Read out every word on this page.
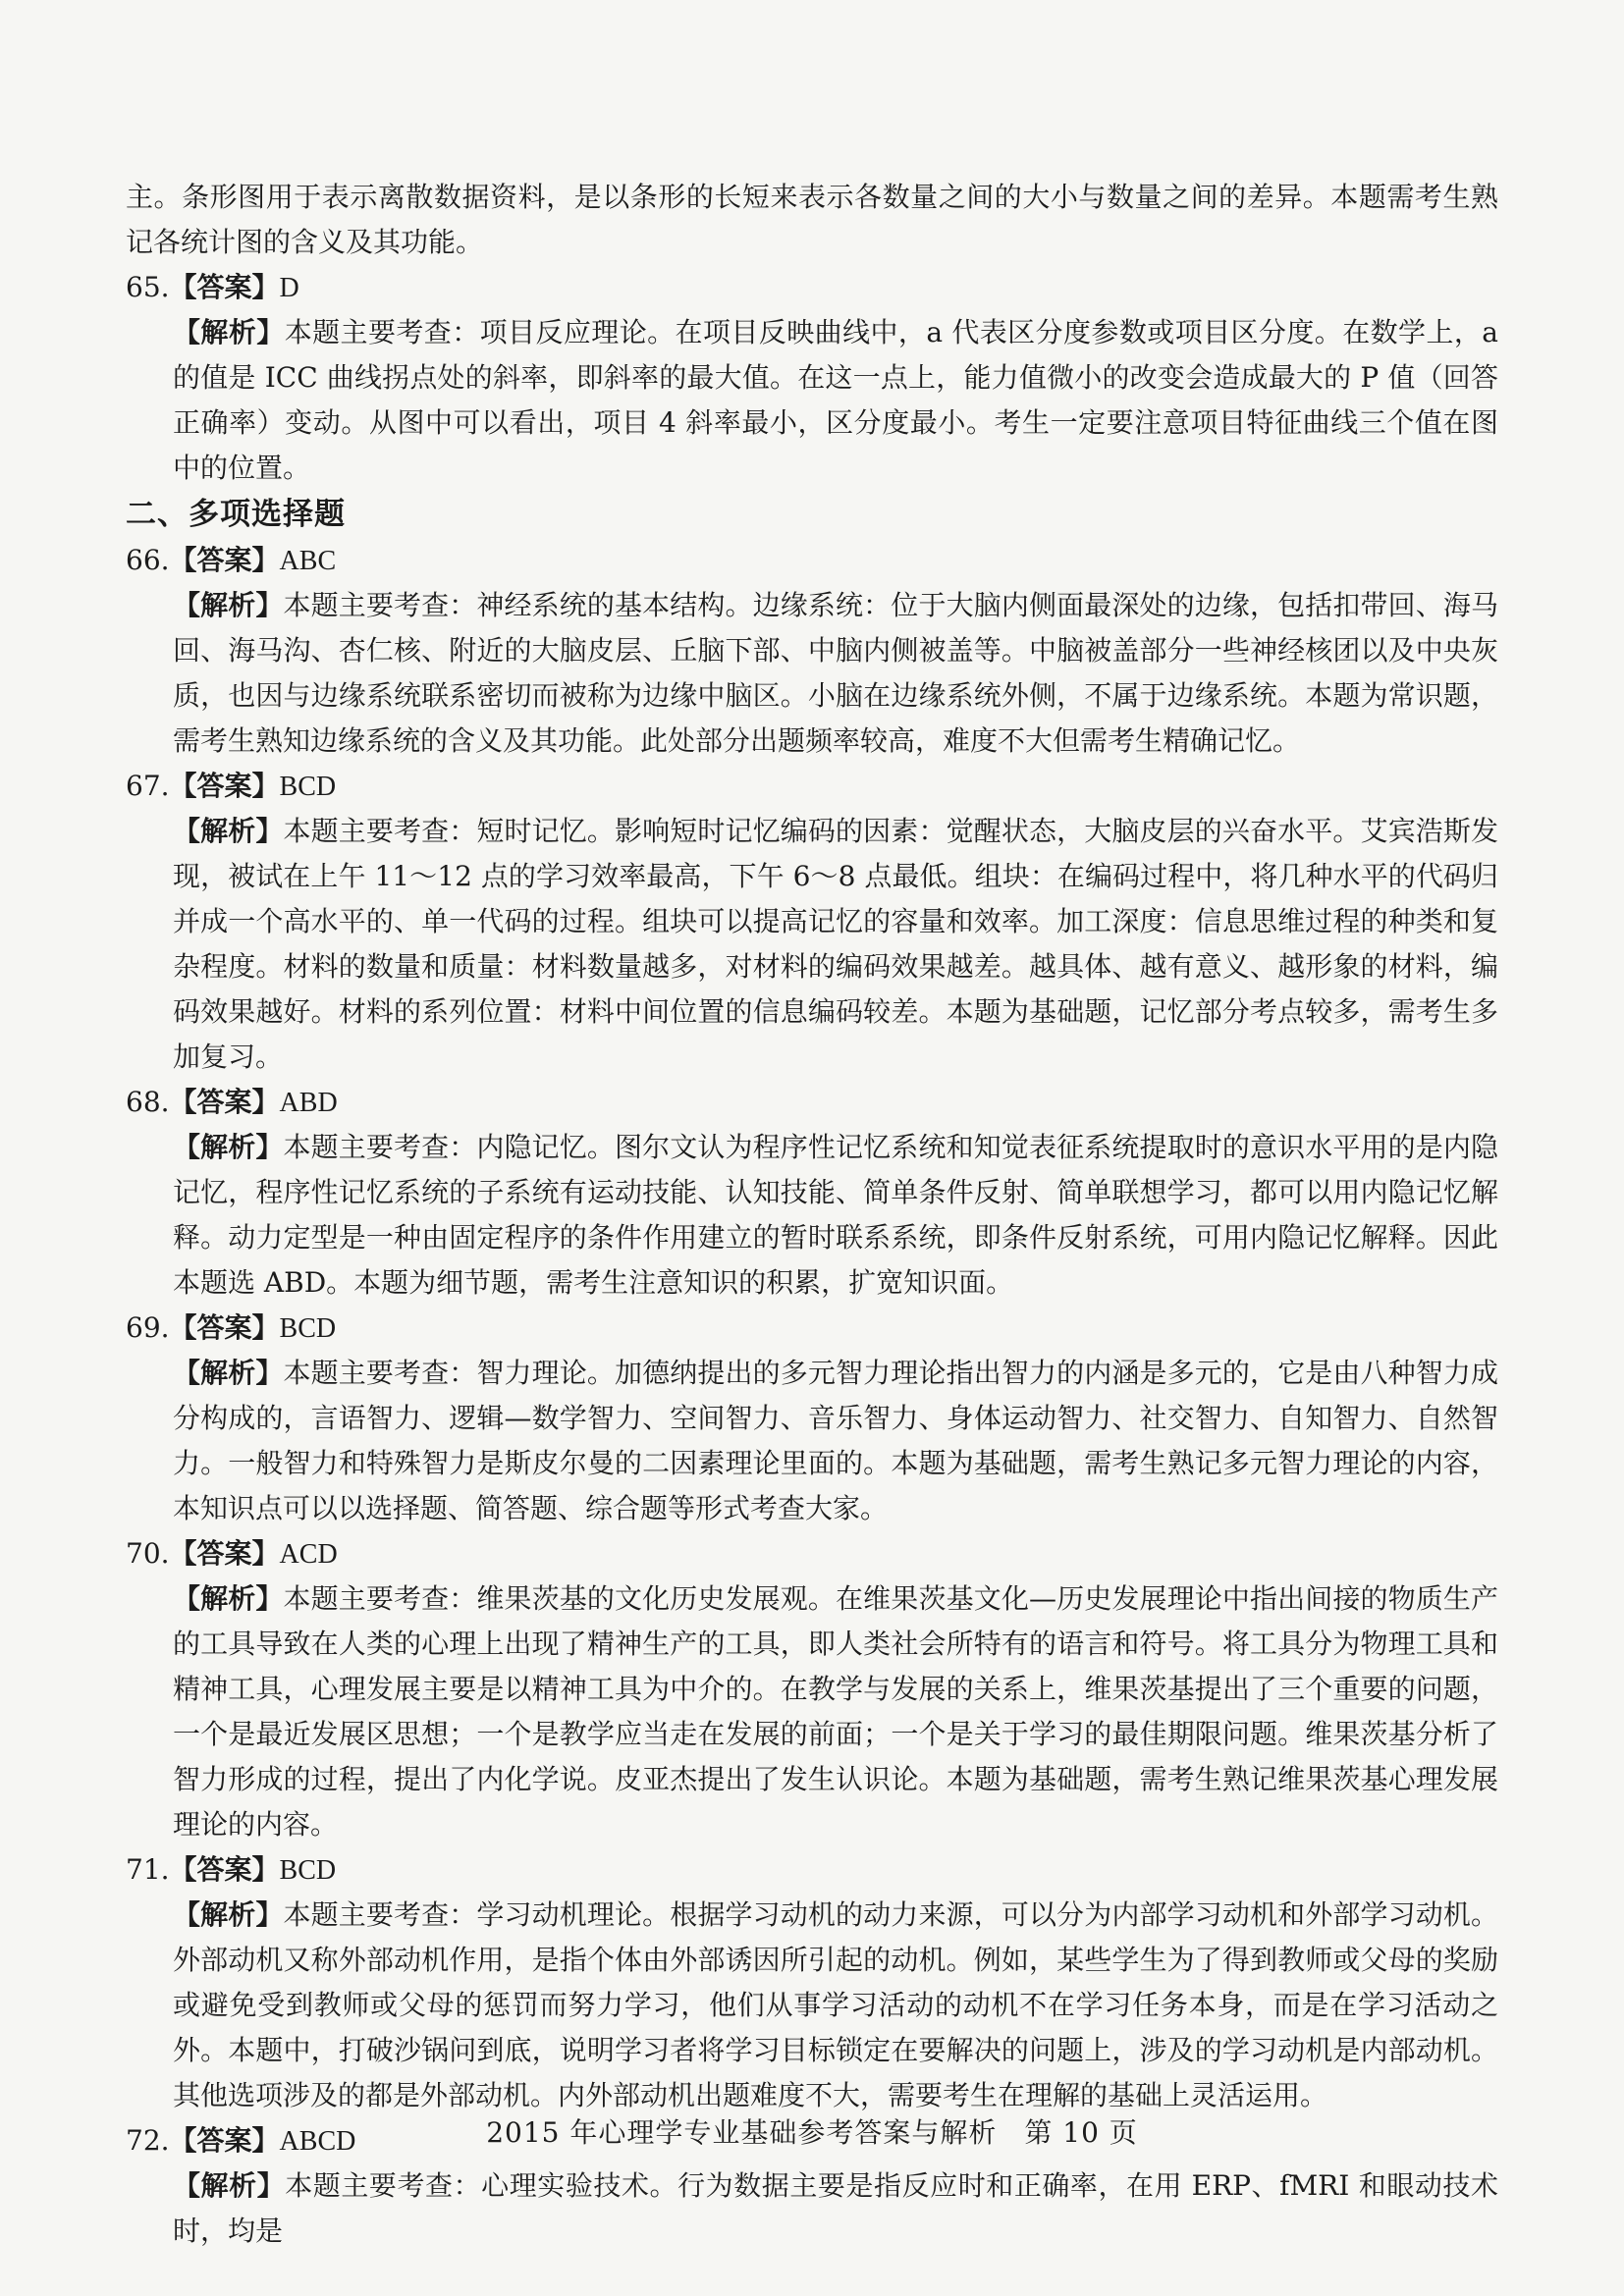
主。条形图用于表示离散数据资料，是以条形的长短来表示各数量之间的大小与数量之间的差异。本题需考生熟记各统计图的含义及其功能。

65.【答案】D

【解析】本题主要考查：项目反应理论。在项目反映曲线中，a 代表区分度参数或项目区分度。在数学上，a 的值是 ICC 曲线拐点处的斜率，即斜率的最大值。在这一点上，能力值微小的改变会造成最大的 P 值（回答正确率）变动。从图中可以看出，项目 4 斜率最小，区分度最小。考生一定要注意项目特征曲线三个值在图中的位置。

二、多项选择题

66.【答案】ABC

【解析】本题主要考查：神经系统的基本结构。边缘系统：位于大脑内侧面最深处的边缘，包括扣带回、海马回、海马沟、杏仁核、附近的大脑皮层、丘脑下部、中脑内侧被盖等。中脑被盖部分一些神经核团以及中央灰质，也因与边缘系统联系密切而被称为边缘中脑区。小脑在边缘系统外侧，不属于边缘系统。本题为常识题，需考生熟知边缘系统的含义及其功能。此处部分出题频率较高，难度不大但需考生精确记忆。

67.【答案】BCD

【解析】本题主要考查：短时记忆。影响短时记忆编码的因素：觉醒状态，大脑皮层的兴奋水平。艾宾浩斯发现，被试在上午 11～12 点的学习效率最高，下午 6～8 点最低。组块：在编码过程中，将几种水平的代码归并成一个高水平的、单一代码的过程。组块可以提高记忆的容量和效率。加工深度：信息思维过程的种类和复杂程度。材料的数量和质量：材料数量越多，对材料的编码效果越差。越具体、越有意义、越形象的材料，编码效果越好。材料的系列位置：材料中间位置的信息编码较差。本题为基础题，记忆部分考点较多，需考生多加复习。

68.【答案】ABD

【解析】本题主要考查：内隐记忆。图尔文认为程序性记忆系统和知觉表征系统提取时的意识水平用的是内隐记忆，程序性记忆系统的子系统有运动技能、认知技能、简单条件反射、简单联想学习，都可以用内隐记忆解释。动力定型是一种由固定程序的条件作用建立的暂时联系系统，即条件反射系统，可用内隐记忆解释。因此本题选 ABD。本题为细节题，需考生注意知识的积累，扩宽知识面。

69.【答案】BCD

【解析】本题主要考查：智力理论。加德纳提出的多元智力理论指出智力的内涵是多元的，它是由八种智力成分构成的，言语智力、逻辑—数学智力、空间智力、音乐智力、身体运动智力、社交智力、自知智力、自然智力。一般智力和特殊智力是斯皮尔曼的二因素理论里面的。本题为基础题，需考生熟记多元智力理论的内容，本知识点可以以选择题、简答题、综合题等形式考查大家。

70.【答案】ACD

【解析】本题主要考查：维果茨基的文化历史发展观。在维果茨基文化—历史发展理论中指出间接的物质生产的工具导致在人类的心理上出现了精神生产的工具，即人类社会所特有的语言和符号。将工具分为物理工具和精神工具，心理发展主要是以精神工具为中介的。在教学与发展的关系上，维果茨基提出了三个重要的问题，一个是最近发展区思想；一个是教学应当走在发展的前面；一个是关于学习的最佳期限问题。维果茨基分析了智力形成的过程，提出了内化学说。皮亚杰提出了发生认识论。本题为基础题，需考生熟记维果茨基心理发展理论的内容。

71.【答案】BCD

【解析】本题主要考查：学习动机理论。根据学习动机的动力来源，可以分为内部学习动机和外部学习动机。外部动机又称外部动机作用，是指个体由外部诱因所引起的动机。例如，某些学生为了得到教师或父母的奖励或避免受到教师或父母的惩罚而努力学习，他们从事学习活动的动机不在学习任务本身，而是在学习活动之外。本题中，打破沙锅问到底，说明学习者将学习目标锁定在要解决的问题上，涉及的学习动机是内部动机。其他选项涉及的都是外部动机。内外部动机出题难度不大，需要考生在理解的基础上灵活运用。

72.【答案】ABCD

【解析】本题主要考查：心理实验技术。行为数据主要是指反应时和正确率，在用 ERP、fMRI 和眼动技术时，均是

2015 年心理学专业基础参考答案与解析 第 10 页
